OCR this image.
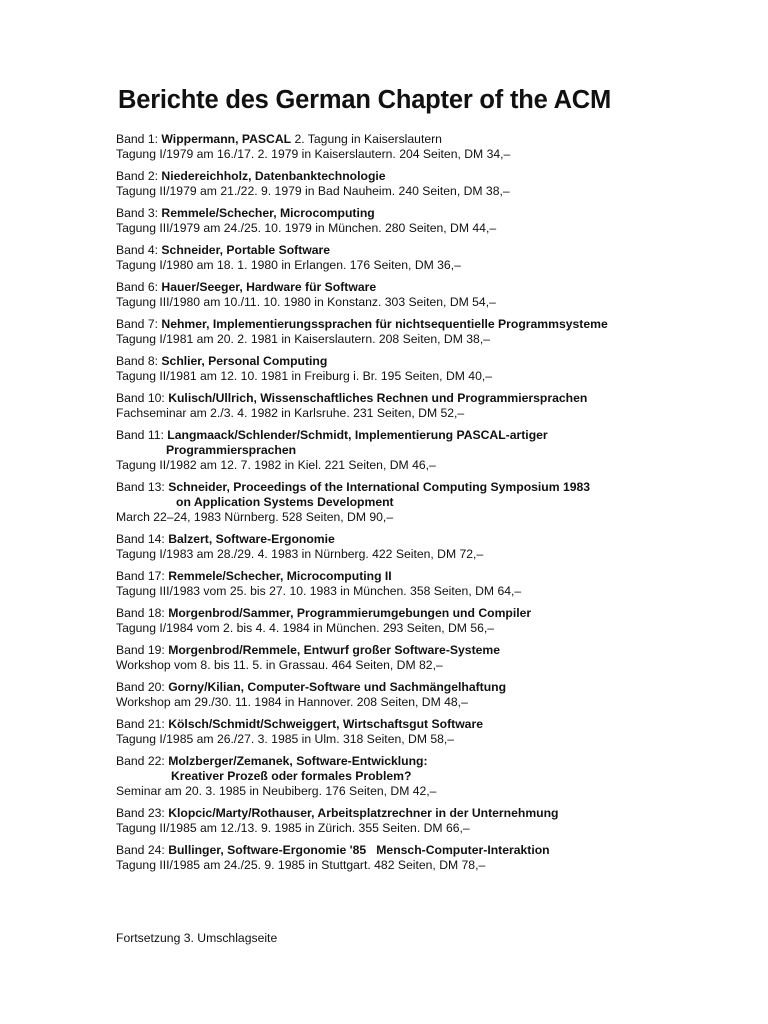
Berichte des German Chapter of the ACM
Band 1: Wippermann, PASCAL 2. Tagung in Kaiserslautern
Tagung I/1979 am 16./17. 2. 1979 in Kaiserslautern. 204 Seiten, DM 34,–
Band 2: Niedereichholz, Datenbanktechnologie
Tagung II/1979 am 21./22. 9. 1979 in Bad Nauheim. 240 Seiten, DM 38,–
Band 3: Remmele/Schecher, Microcomputing
Tagung III/1979 am 24./25. 10. 1979 in München. 280 Seiten, DM 44,–
Band 4: Schneider, Portable Software
Tagung I/1980 am 18. 1. 1980 in Erlangen. 176 Seiten, DM 36,–
Band 6: Hauer/Seeger, Hardware für Software
Tagung III/1980 am 10./11. 10. 1980 in Konstanz. 303 Seiten, DM 54,–
Band 7: Nehmer, Implementierungssprachen für nichtsequentielle Programmsysteme
Tagung I/1981 am 20. 2. 1981 in Kaiserslautern. 208 Seiten, DM 38,–
Band 8: Schlier, Personal Computing
Tagung II/1981 am 12. 10. 1981 in Freiburg i. Br. 195 Seiten, DM 40,–
Band 10: Kulisch/Ullrich, Wissenschaftliches Rechnen und Programmiersprachen
Fachseminar am 2./3. 4. 1982 in Karlsruhe. 231 Seiten, DM 52,–
Band 11: Langmaack/Schlender/Schmidt, Implementierung PASCAL-artiger
Programmiersprachen
Tagung II/1982 am 12. 7. 1982 in Kiel. 221 Seiten, DM 46,–
Band 13: Schneider, Proceedings of the International Computing Symposium 1983
on Application Systems Development
March 22–24, 1983 Nürnberg. 528 Seiten, DM 90,–
Band 14: Balzert, Software-Ergonomie
Tagung I/1983 am 28./29. 4. 1983 in Nürnberg. 422 Seiten, DM 72,–
Band 17: Remmele/Schecher, Microcomputing II
Tagung III/1983 vom 25. bis 27. 10. 1983 in München. 358 Seiten, DM 64,–
Band 18: Morgenbrod/Sammer, Programmierumgebungen und Compiler
Tagung I/1984 vom 2. bis 4. 4. 1984 in München. 293 Seiten, DM 56,–
Band 19: Morgenbrod/Remmele, Entwurf großer Software-Systeme
Workshop vom 8. bis 11. 5. in Grassau. 464 Seiten, DM 82,–
Band 20: Gorny/Kilian, Computer-Software und Sachmängelhaftung
Workshop am 29./30. 11. 1984 in Hannover. 208 Seiten, DM 48,–
Band 21: Kölsch/Schmidt/Schweiggert, Wirtschaftsgut Software
Tagung I/1985 am 26./27. 3. 1985 in Ulm. 318 Seiten, DM 58,–
Band 22: Molzberger/Zemanek, Software-Entwicklung:
Kreativer Prozeß oder formales Problem?
Seminar am 20. 3. 1985 in Neubiberg. 176 Seiten, DM 42,–
Band 23: Klopcic/Marty/Rothauser, Arbeitsplatzrechner in der Unternehmung
Tagung II/1985 am 12./13. 9. 1985 in Zürich. 355 Seiten. DM 66,–
Band 24: Bullinger, Software-Ergonomie '85   Mensch-Computer-Interaktion
Tagung III/1985 am 24./25. 9. 1985 in Stuttgart. 482 Seiten, DM 78,–
Fortsetzung 3. Umschlagseite
